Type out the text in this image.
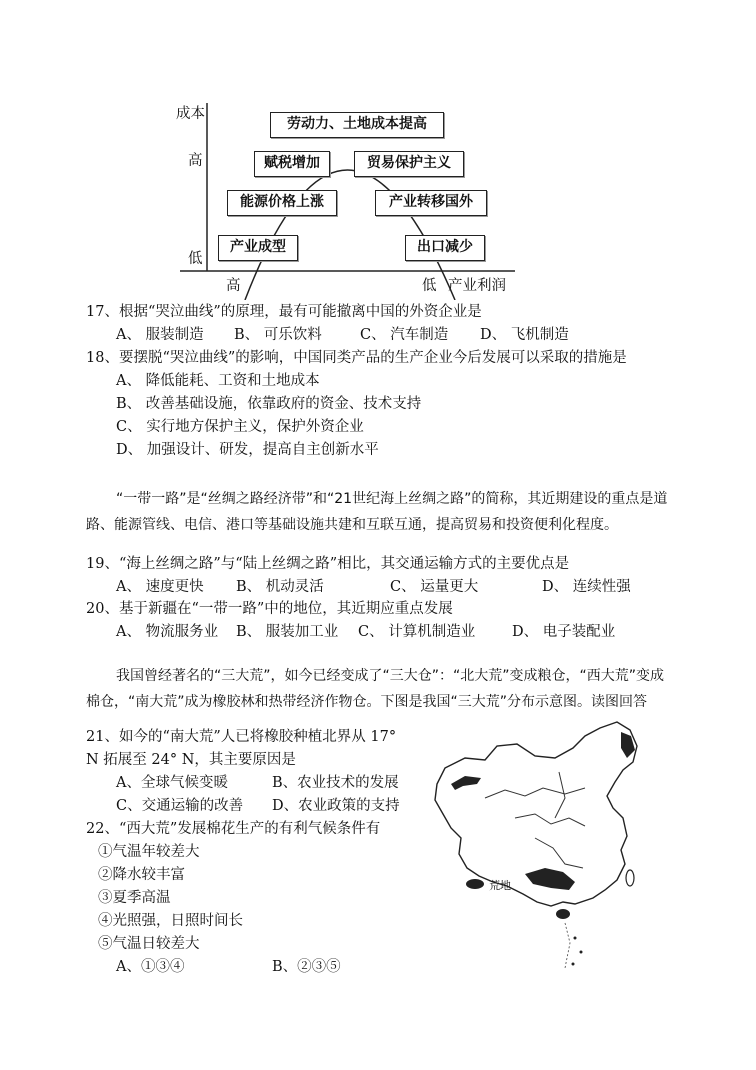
成本
高
低
高	低 产业利润
劳动力、土地成本提高
赋税增加	贸易保护主义
能源价格上涨	产业转移国外
产业成型	出口减少
17、根据“哭泣曲线”的原理，最有可能撤离中国的外资企业是
A、 服装制造 B、 可乐饮料	C、 汽车制造 D、 飞机制造
18、要摆脱“哭泣曲线”的影响，中国同类产品的生产企业今后发展可以采取的措施是
A、 降低能耗、工资和土地成本
B、 改善基础设施，依靠政府的资金、技术支持
C、 实行地方保护主义，保护外资企业
D、 加强设计、研发，提高自主创新水平
“一带一路”是“丝绸之路经济带”和“21世纪海上丝绸之路”的简称，其近期建设的重点是道路、能源管线、电信、港口等基础设施共建和互联互通，提高贸易和投资便利化程度。
19、“海上丝绸之路”与“陆上丝绸之路”相比，其交通运输方式的主要优点是
A、 速度更快 B、 机动灵活	C、 运量更大	D、 连续性强
20、基于新疆在“一带一路”中的地位，其近期应重点发展
A、 物流服务业 B、 服装加工业 C、 计算机制造业	D、 电子装配业
我国曾经著名的“三大荒”，如今已经变成了“三大仓”：“北大荒”变成粮仓，“西大荒”变成棉仓，“南大荒”成为橡胶林和热带经济作物仓。下图是我国“三大荒”分布示意图。读图回答
21、如今的“南大荒”人已将橡胶种植北界从 17°
N 拓展至 24° N，其主要原因是
A、全球气候变暖	B、农业技术的发展
C、交通运输的改善 D、农业政策的支持
22、“西大荒”发展棉花生产的有利气候条件有
①气温年较差大
②降水较丰富
③夏季高温
④光照强，日照时间长
⑤气温日较差大
A、①③④	B、②③⑤
荒地
